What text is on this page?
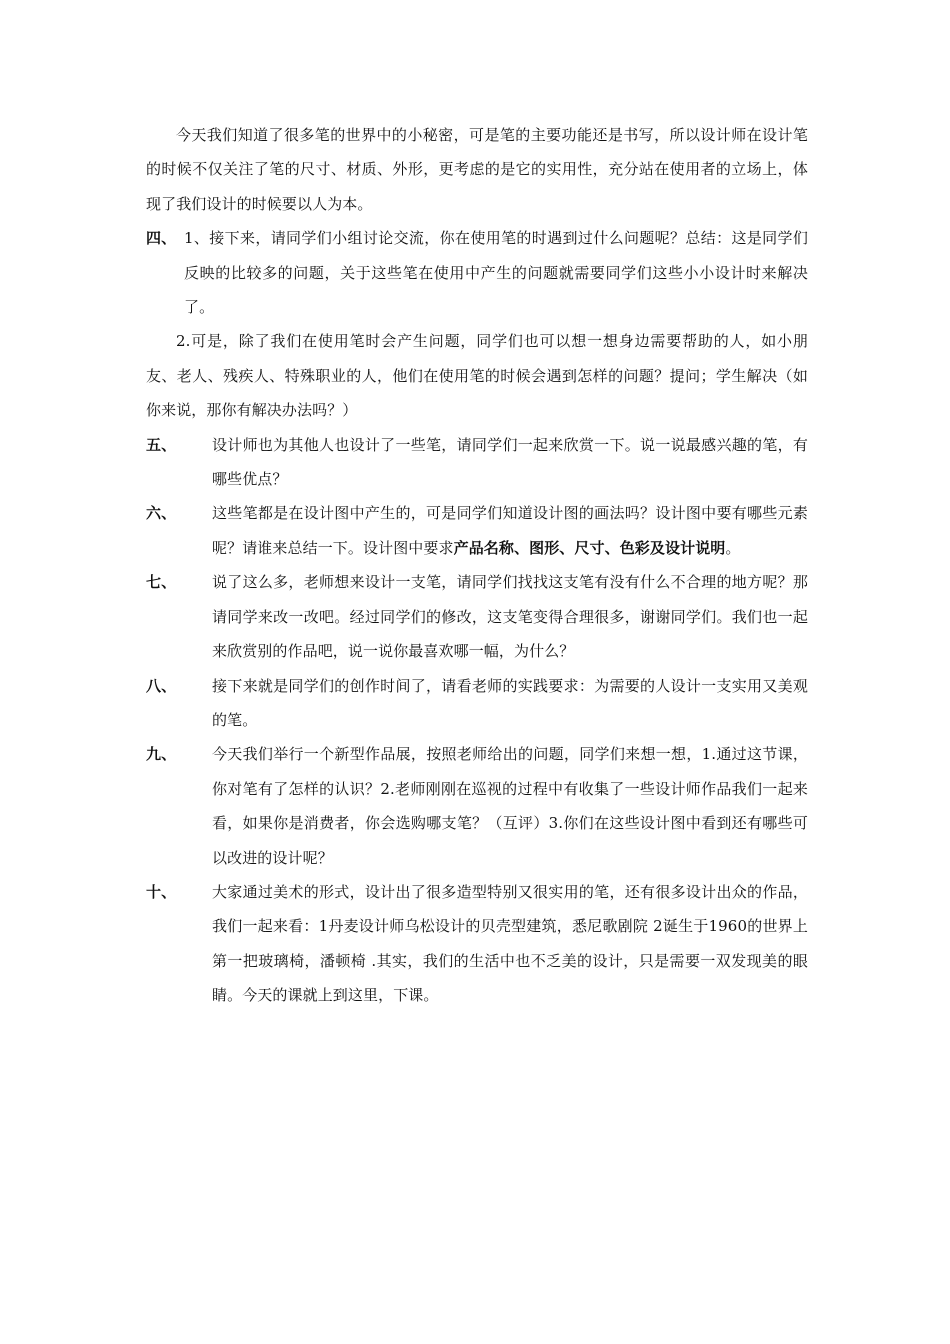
今天我们知道了很多笔的世界中的小秘密，可是笔的主要功能还是书写，所以设计师在设计笔的时候不仅关注了笔的尺寸、材质、外形，更考虑的是它的实用性，充分站在使用者的立场上，体现了我们设计的时候要以人为本。

四、 1、接下来，请同学们小组讨论交流，你在使用笔的时遇到过什么问题呢？总结：这是同学们反映的比较多的问题，关于这些笔在使用中产生的问题就需要同学们这些小小设计时来解决了。

2.可是，除了我们在使用笔时会产生问题，同学们也可以想一想身边需要帮助的人，如小朋友、老人、残疾人、特殊职业的人，他们在使用笔的时候会遇到怎样的问题？提问；学生解决（如你来说，那你有解决办法吗？）

五、	设计师也为其他人也设计了一些笔，请同学们一起来欣赏一下。说一说最感兴趣的笔，有哪些优点？
六、	这些笔都是在设计图中产生的，可是同学们知道设计图的画法吗？设计图中要有哪些元素呢？请谁来总结一下。设计图中要求产品名称、图形、尺寸、色彩及设计说明。
七、	说了这么多，老师想来设计一支笔，请同学们找找这支笔有没有什么不合理的地方呢？那请同学来改一改吧。经过同学们的修改，这支笔变得合理很多，谢谢同学们。我们也一起来欣赏别的作品吧，说一说你最喜欢哪一幅，为什么？
八、	接下来就是同学们的创作时间了，请看老师的实践要求：为需要的人设计一支实用又美观的笔。
九、	今天我们举行一个新型作品展，按照老师给出的问题，同学们来想一想，1.通过这节课，你对笔有了怎样的认识？2.老师刚刚在巡视的过程中有收集了一些设计师作品我们一起来看，如果你是消费者，你会选购哪支笔？（互评）3.你们在这些设计图中看到还有哪些可以改进的设计呢？
十、	大家通过美术的形式，设计出了很多造型特别又很实用的笔，还有很多设计出众的作品，我们一起来看：1丹麦设计师乌松设计的贝壳型建筑，悉尼歌剧院 2诞生于1960的世界上第一把玻璃椅，潘顿椅 .其实，我们的生活中也不乏美的设计，只是需要一双发现美的眼睛。今天的课就上到这里，下课。
